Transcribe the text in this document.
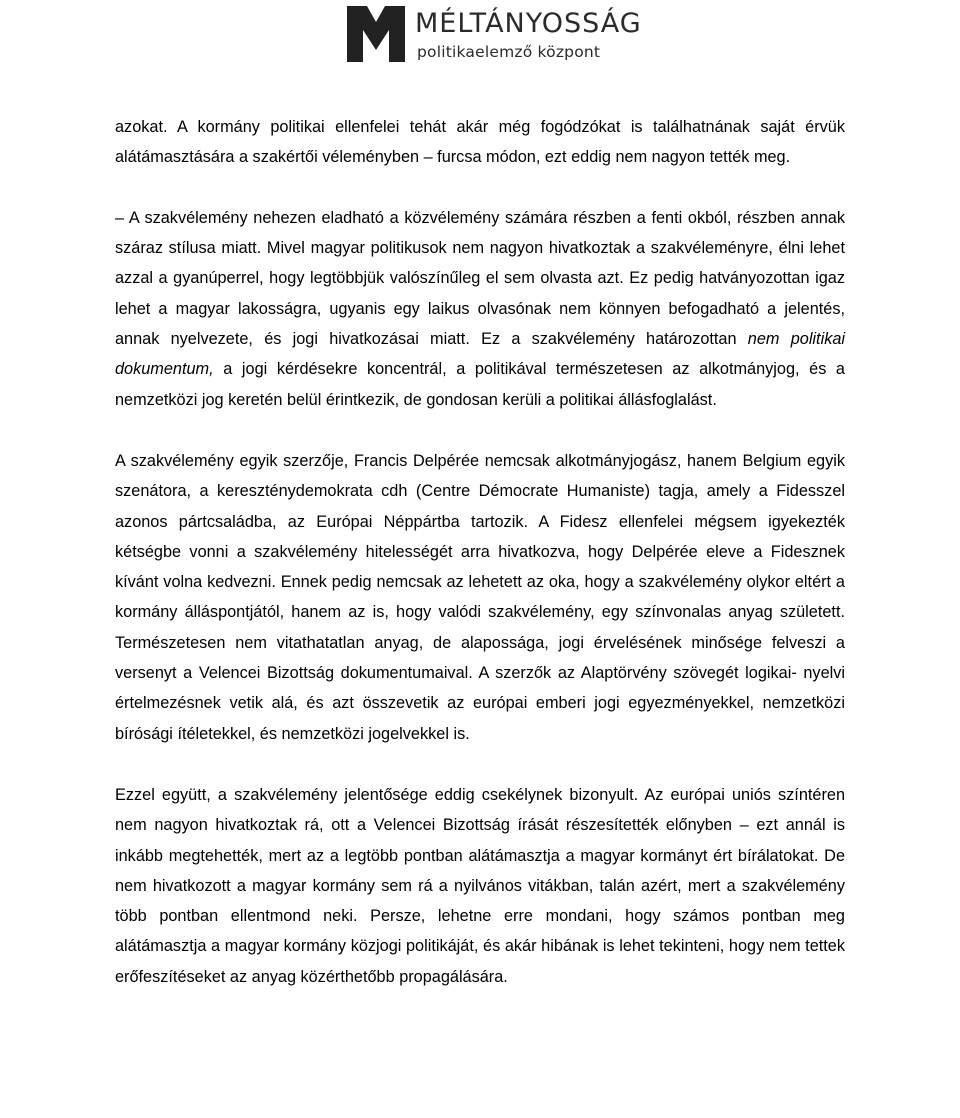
MÉLTÁNYOSSÁG
politikaelemző központ

azokat. A kormány politikai ellenfelei tehát akár még fogódzókat is találhatnának saját érvük alátámasztására a szakértői véleményben – furcsa módon, ezt eddig nem nagyon tették meg.
– A szakvélemény nehezen eladható a közvélemény számára részben a fenti okból, részben annak száraz stílusa miatt. Mivel magyar politikusok nem nagyon hivatkoztak a szakvéleményre, élni lehet azzal a gyanúperrel, hogy legtöbbjük valószínűleg el sem olvasta azt. Ez pedig hatványozottan igaz lehet a magyar lakosságra, ugyanis egy laikus olvasónak nem könnyen befogadható a jelentés, annak nyelvezete, és jogi hivatkozásai miatt. Ez a szakvélemény határozottan nem politikai dokumentum, a jogi kérdésekre koncentrál, a politikával természetesen az alkotmányjog, és a nemzetközi jog keretén belül érintkezik, de gondosan kerüli a politikai állásfoglalást.

A szakvélemény egyik szerzője, Francis Delpérée nemcsak alkotmányjogász, hanem Belgium egyik szenátora, a kereszténydemokrata cdh (Centre Démocrate Humaniste) tagja, amely a Fidesszel azonos pártcsaládba, az Európai Néppártba tartozik. A Fidesz ellenfelei mégsem igyekezték kétségbe vonni a szakvélemény hitelességét arra hivatkozva, hogy Delpérée eleve a Fidesznek kívánt volna kedvezni. Ennek pedig nemcsak az lehetett az oka, hogy a szakvélemény olykor eltért a kormány álláspontjától, hanem az is, hogy valódi szakvélemény, egy színvonalas anyag született. Természetesen nem vitathatatlan anyag, de alapossága, jogi érvelésének minősége felveszi a versenyt a Velencei Bizottság dokumentumaival. A szerzők az Alaptörvény szövegét logikai- nyelvi értelmezésnek vetik alá, és azt összevetik az európai emberi jogi egyezményekkel, nemzetközi bírósági ítéletekkel, és nemzetközi jogelvekkel is.

Ezzel együtt, a szakvélemény jelentősége eddig csekélynek bizonyult. Az európai uniós színtéren nem nagyon hivatkoztak rá, ott a Velencei Bizottság írását részesítették előnyben – ezt annál is inkább megtehették, mert az a legtöbb pontban alátámasztja a magyar kormányt ért bírálatokat. De nem hivatkozott a magyar kormány sem rá a nyilvános vitákban, talán azért, mert a szakvélemény több pontban ellentmond neki. Persze, lehetne erre mondani, hogy számos pontban meg alátámasztja a magyar kormány közjogi politikáját, és akár hibának is lehet tekinteni, hogy nem tettek erőfeszítéseket az anyag közérthetőbb propagálására.
